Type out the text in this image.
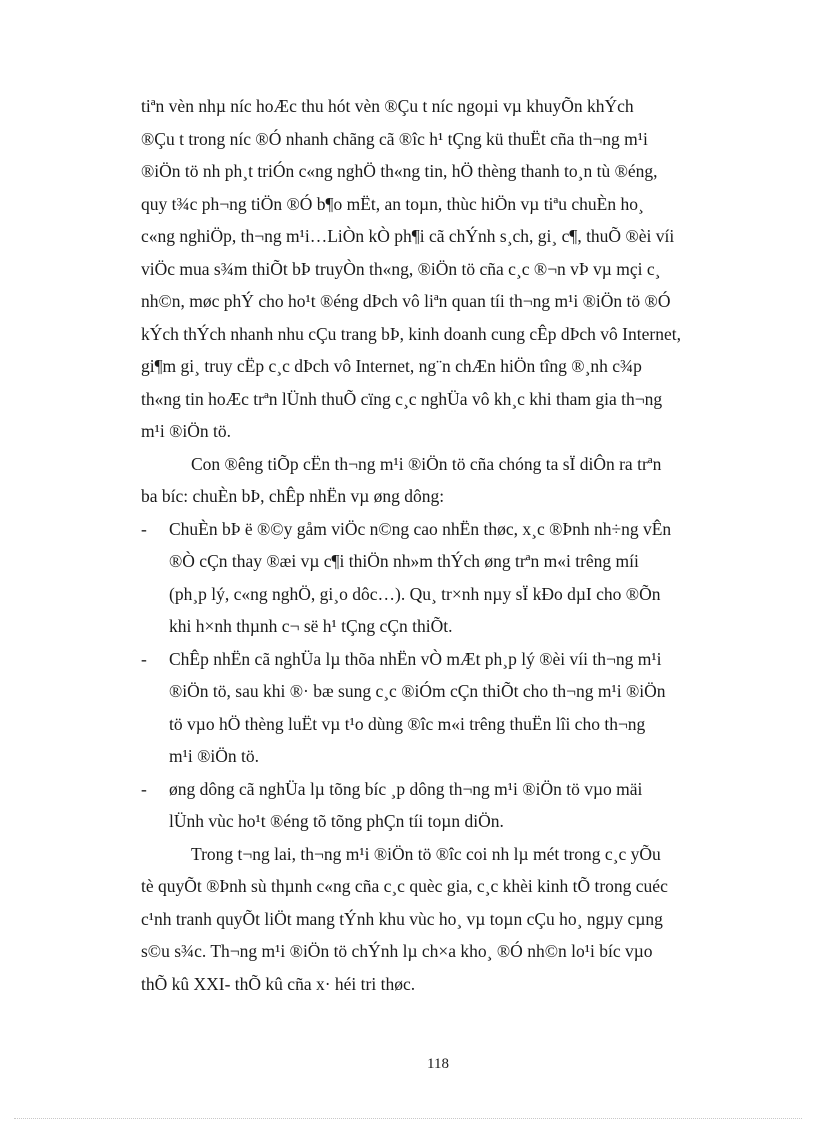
tiªn vèn nhµ níc hoÆc thu hót vèn ®Çu t níc ngoµi vµ khuyÕn khÝch
®Çu t trong níc ®Ó nhanh chãng cã ®îc h¹ tÇng kü thuËt cña th¬ng m¹i
®iÖn tö nh ph¸t triÓn c«ng nghÖ th«ng tin, hÖ thèng thanh to¸n tù ®éng,
quy t¾c ph¬ng tiÖn ®Ó b¶o mËt, an toµn, thùc hiÖn vµ tiªu chuÈn ho¸
c«ng nghiÖp, th¬ng m¹i…LiÒn kÒ ph¶i cã chÝnh s¸ch, gi¸ c¶, thuÕ ®èi víi
viÖc mua s¾m thiÕt bÞ truyÒn th«ng, ®iÖn tö cña c¸c ®¬n vÞ vµ mçi c¸
nh©n, møc phÝ cho ho¹t ®éng dÞch vô liªn quan tíi th¬ng m¹i ®iÖn tö ®Ó
kÝch thÝch nhanh nhu cÇu trang bÞ, kinh doanh cung cÊp dÞch vô Internet,
gi¶m gi¸ truy cËp c¸c dÞch vô Internet, ng¨n chÆn hiÖn tîng ®¸nh c¾p
th«ng tin hoÆc trªn lÜnh thuÕ cïng c¸c nghÜa vô kh¸c khi tham gia th¬ng
m¹i ®iÖn tö.
Con ®êng tiÕp cËn th¬ng m¹i ®iÖn tö cña chóng ta sÏ diÔn ra trªn
ba bíc: chuÈn bÞ, chÊp nhËn vµ øng dông:
- ChuÈn bÞ ë ®©y gåm viÖc n©ng cao nhËn thøc, x¸c ®Þnh nh÷ng vÊn
®Ò cÇn thay ®æi vµ c¶i thiÖn nh»m thÝch øng trªn m«i trêng míi
(ph¸p lý, c«ng nghÖ, gi¸o dôc…). Qu¸ tr×nh nµy sÏ kÐo dµI cho ®Õn
khi h×nh thµnh c¬ së h¹ tÇng cÇn thiÕt.
- ChÊp nhËn cã nghÜa lµ thõa nhËn vÒ mÆt ph¸p lý ®èi víi th¬ng m¹i
®iÖn tö, sau khi ®· bæ sung c¸c ®iÓm cÇn thiÕt cho th¬ng m¹i ®iÖn
tö vµo hÖ thèng luËt vµ t¹o dùng ®îc m«i trêng thuËn lîi cho th¬ng
m¹i ®iÖn tö.
- øng dông cã nghÜa lµ tõng bíc ¸p dông th¬ng m¹i ®iÖn tö vµo mäi
lÜnh vùc ho¹t ®éng tõ tõng phÇn tíi toµn diÖn.
Trong t¬ng lai, th¬ng m¹i ®iÖn tö ®îc coi nh lµ mét trong c¸c yÕu
tè quyÕt ®Þnh sù thµnh c«ng cña c¸c quèc gia, c¸c khèi kinh tÕ trong cuéc
c¹nh tranh quyÕt liÖt mang tÝnh khu vùc ho¸ vµ toµn cÇu ho¸ ngµy cµng
s©u s¾c. Th¬ng m¹i ®iÖn tö chÝnh lµ ch×a kho¸ ®Ó nh©n lo¹i bíc vµo
thÕ kû XXI- thÕ kû cña x· héi tri thøc.
118
